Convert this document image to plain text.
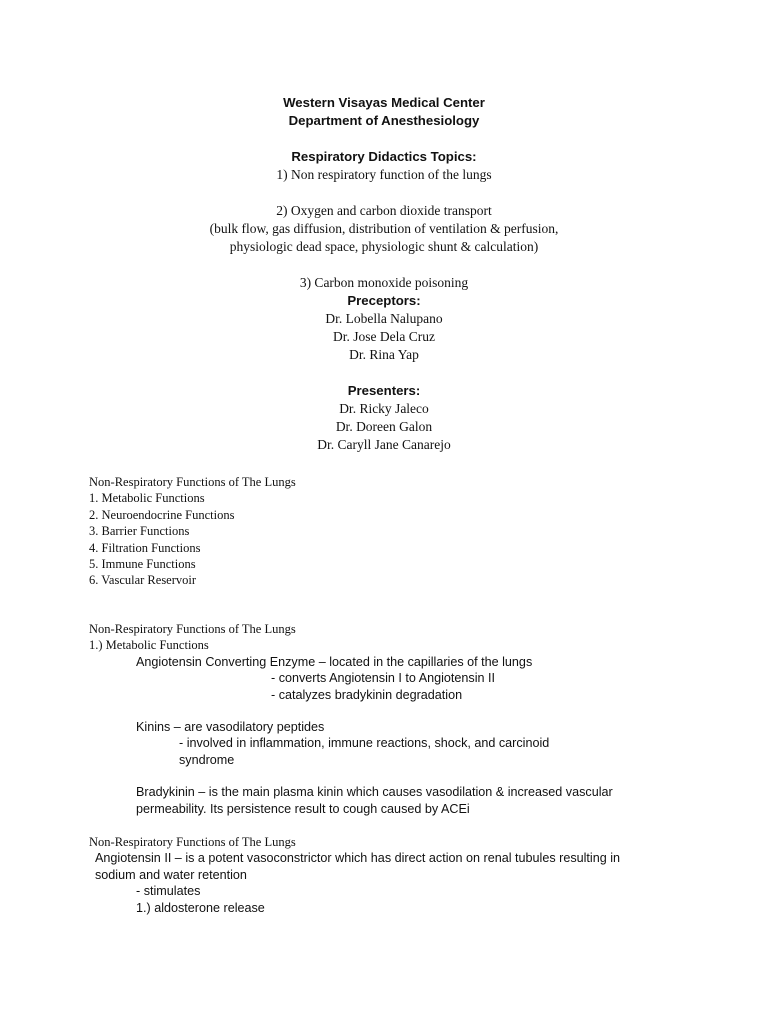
Western Visayas Medical Center
Department of Anesthesiology
Respiratory Didactics Topics:
1) Non respiratory function of the lungs
2) Oxygen and carbon dioxide transport
(bulk flow, gas diffusion, distribution of ventilation & perfusion,
physiologic dead space, physiologic shunt & calculation)
3) Carbon monoxide poisoning
Preceptors:
Dr. Lobella Nalupano
Dr. Jose Dela Cruz
Dr. Rina Yap
Presenters:
Dr. Ricky Jaleco
Dr. Doreen Galon
Dr. Caryll Jane Canarejo
Non-Respiratory Functions of The Lungs
1. Metabolic Functions
2. Neuroendocrine Functions
3. Barrier Functions
4. Filtration Functions
5. Immune Functions
6. Vascular Reservoir
Non-Respiratory Functions of The Lungs
1.) Metabolic Functions
Angiotensin Converting Enzyme – located in the capillaries of the lungs
- converts Angiotensin I to Angiotensin II
- catalyzes bradykinin degradation
Kinins – are vasodilatory peptides
- involved in inflammation, immune reactions, shock, and carcinoid
syndrome
Bradykinin – is the main plasma kinin which causes vasodilation & increased vascular
permeability. Its persistence result to cough caused by ACEi
Non-Respiratory Functions of The Lungs
Angiotensin II – is a potent vasoconstrictor which has direct action on renal tubules resulting in
sodium and water retention
- stimulates
1.) aldosterone release
